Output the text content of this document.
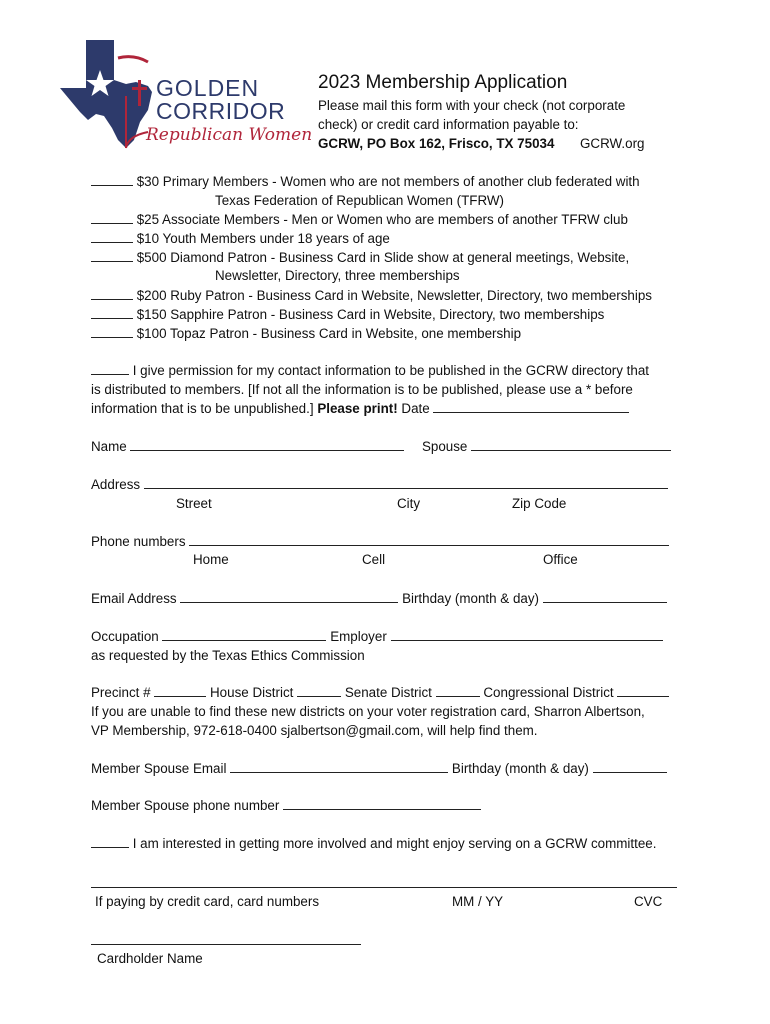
GOLDEN
CORRIDOR
Republican Women
2023 Membership Application
Please mail this form with your check (not corporate
check) or credit card information payable to:
GCRW, PO Box 162, Frisco, TX 75034 GCRW.org
$30 Primary Members - Women who are not members of another club federated with
Texas Federation of Republican Women (TFRW)
$25 Associate Members - Men or Women who are members of another TFRW club
$10 Youth Members under 18 years of age
$500 Diamond Patron - Business Card in Slide show at general meetings, Website,
Newsletter, Directory, three memberships
$200 Ruby Patron - Business Card in Website, Newsletter, Directory, two memberships
$150 Sapphire Patron - Business Card in Website, Directory, two memberships
$100 Topaz Patron - Business Card in Website, one membership
I give permission for my contact information to be published in the GCRW directory that
is distributed to members. [If not all the information is to be published, please use a * before
information that is to be unpublished.] Please print! Date
Name	Spouse
Address
Street	City	Zip Code
Phone numbers
Home	Cell	Office
Email Address	Birthday (month & day)
Occupation	Employer
as requested by the Texas Ethics Commission
Precinct #	House District	Senate District	Congressional District
If you are unable to find these new districts on your voter registration card, Sharron Albertson,
VP Membership, 972-618-0400 sjalbertson@gmail.com, will help find them.
Member Spouse Email	Birthday (month & day)
Member Spouse phone number
I am interested in getting more involved and might enjoy serving on a GCRW committee.
If paying by credit card, card numbers	MM / YY	CVC
Cardholder Name
